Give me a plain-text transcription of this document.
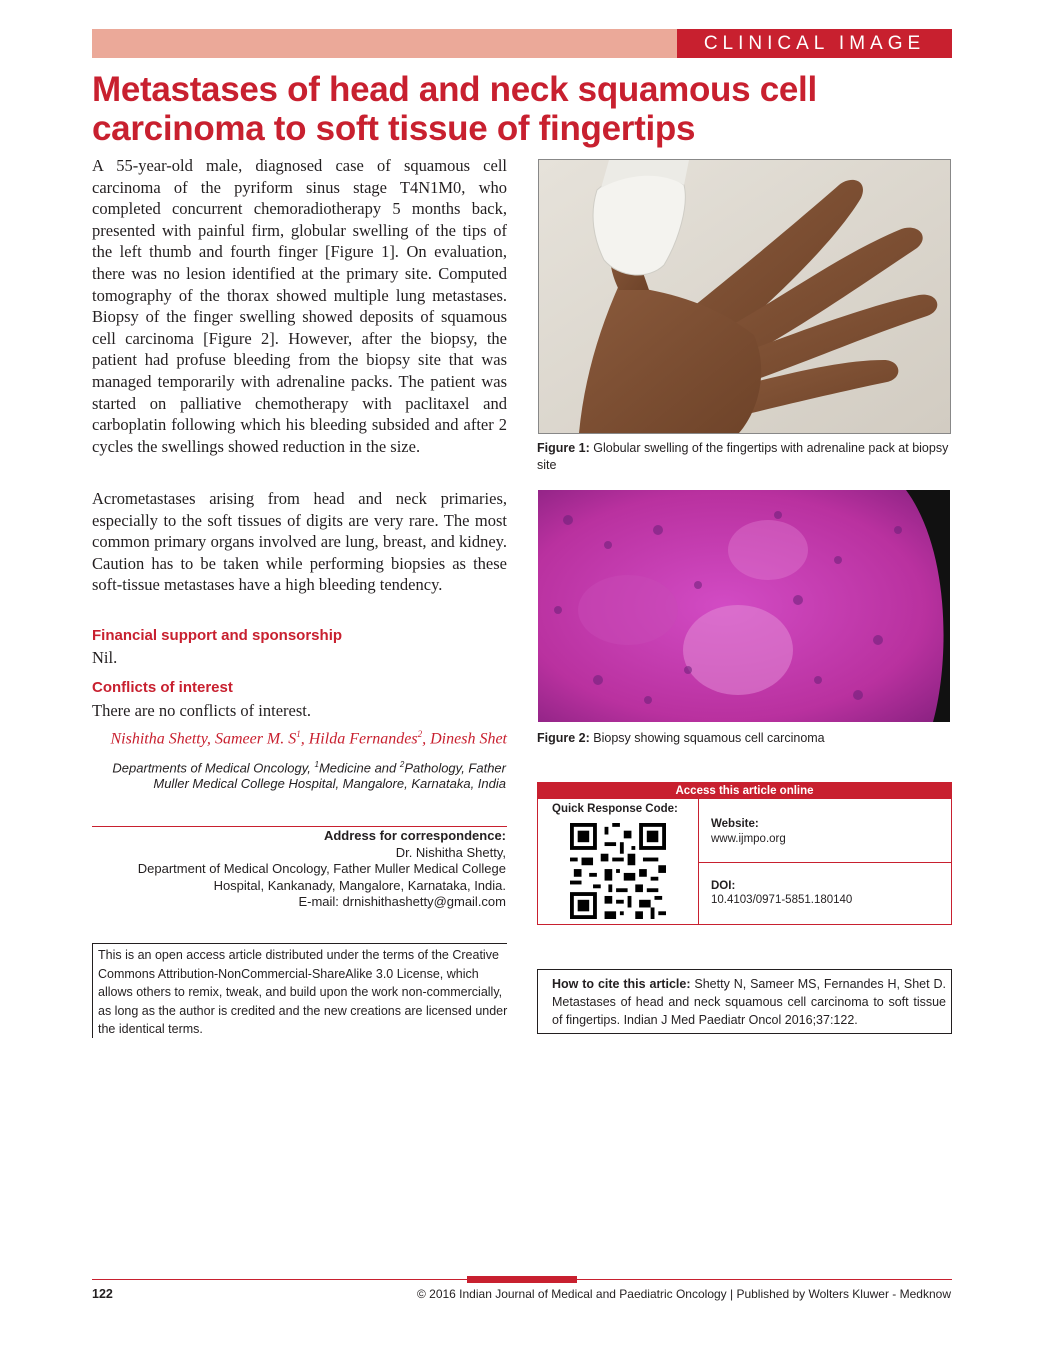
CLINICAL IMAGE
Metastases of head and neck squamous cell
carcinoma to soft tissue of fingertips
A 55-year-old male, diagnosed case of squamous cell carcinoma of the pyriform sinus stage T4N1M0, who completed concurrent chemoradiotherapy 5 months back, presented with painful firm, globular swelling of the tips of the left thumb and fourth finger [Figure 1]. On evaluation, there was no lesion identified at the primary site. Computed tomography of the thorax showed multiple lung metastases. Biopsy of the finger swelling showed deposits of squamous cell carcinoma [Figure 2]. However, after the biopsy, the patient had profuse bleeding from the biopsy site that was managed temporarily with adrenaline packs. The patient was started on palliative chemotherapy with paclitaxel and carboplatin following which his bleeding subsided and after 2 cycles the swellings showed reduction in the size.
Acrometastases arising from head and neck primaries, especially to the soft tissues of digits are very rare. The most common primary organs involved are lung, breast, and kidney. Caution has to be taken while performing biopsies as these soft-tissue metastases have a high bleeding tendency.
Financial support and sponsorship
Nil.
Conflicts of interest
There are no conflicts of interest.
Nishitha Shetty, Sameer M. $S^1$, Hilda Fernandes$^2$, Dinesh Shet
Departments of Medical Oncology, $^1$Medicine and $^2$Pathology, Father
Muller Medical College Hospital, Mangalore, Karnataka, India
Address for correspondence:
Dr. Nishitha Shetty,
Department of Medical Oncology, Father Muller Medical College
Hospital, Kankanady, Mangalore, Karnataka, India.
E-mail: drnishithashetty@gmail.com
This is an open access article distributed under the terms of the Creative Commons Attribution-NonCommercial-ShareAlike 3.0 License, which allows others to remix, tweak, and build upon the work non-commercially, as long as the author is credited and the new creations are licensed under the identical terms.
Figure 1: Globular swelling of the fingertips with adrenaline pack at biopsy site
Figure 2: Biopsy showing squamous cell carcinoma
Access this article online
Quick Response Code:
Website:
www.ijmpo.org
DOI:
10.4103/0971-5851.180140
How to cite this article: Shetty N, Sameer MS, Fernandes H, Shet D. Metastases of head and neck squamous cell carcinoma to soft tissue of fingertips. Indian J Med Paediatr Oncol 2016;37:122.
122	© 2016 Indian Journal of Medical and Paediatric Oncology | Published by Wolters Kluwer - Medknow
